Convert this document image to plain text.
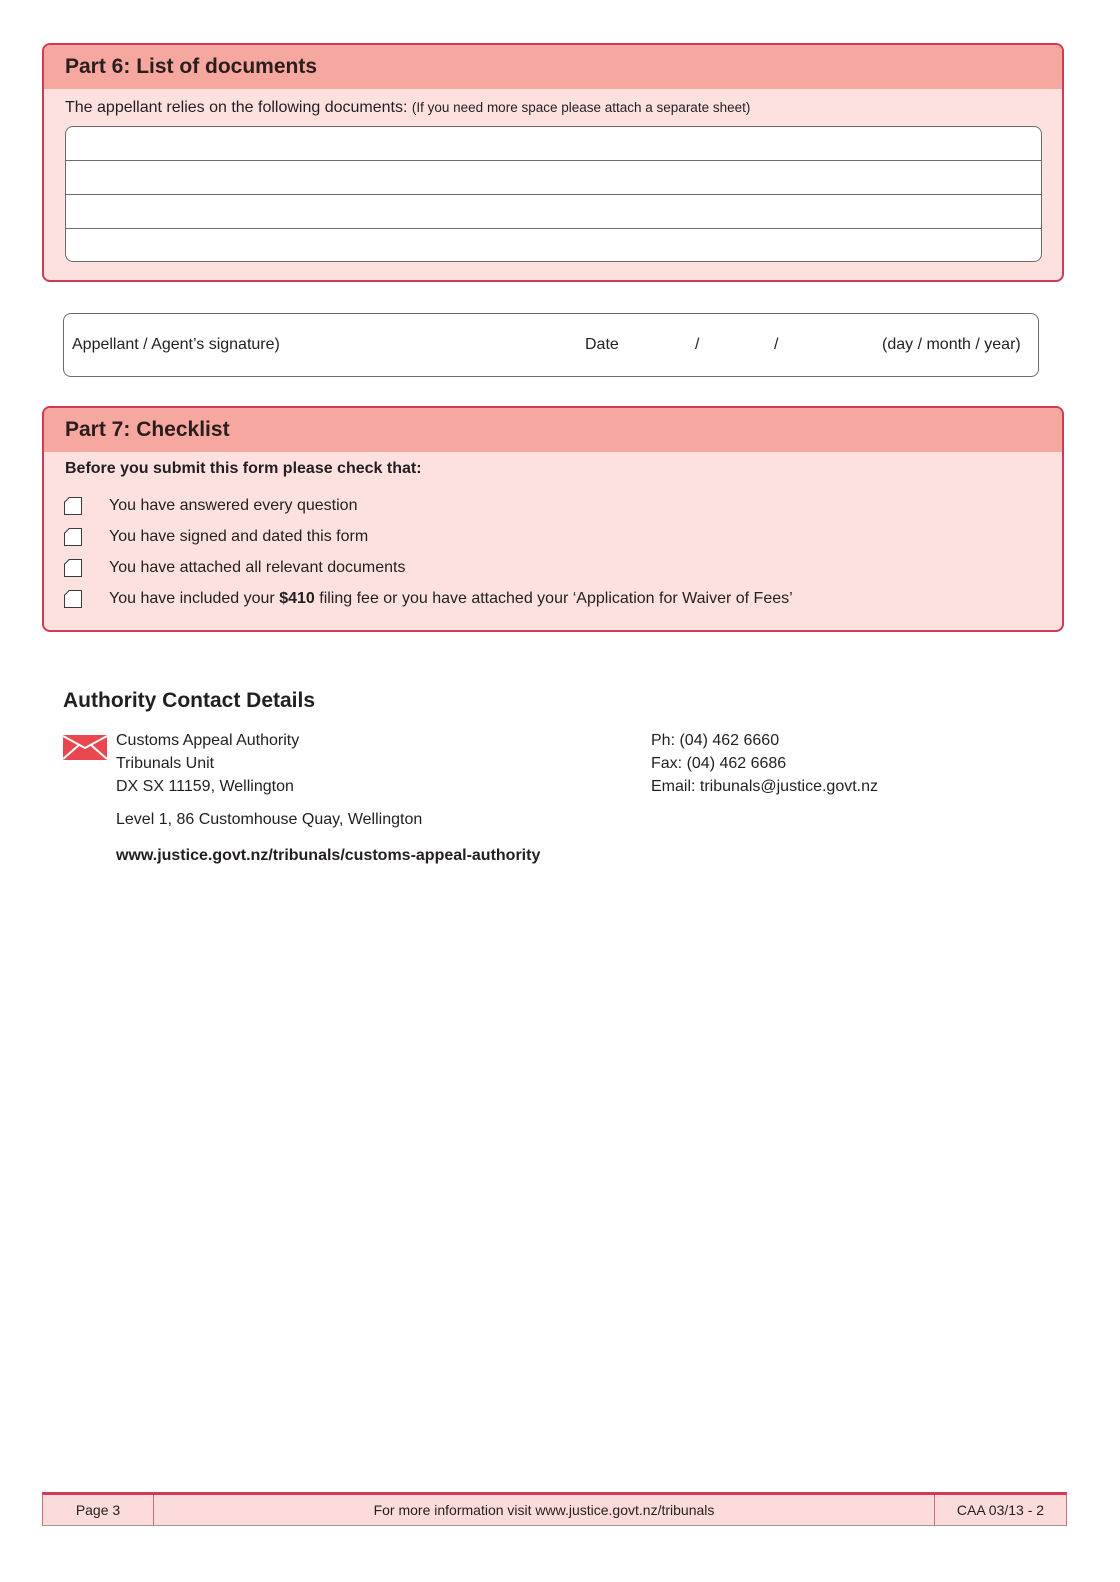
Part 6: List of documents
The appellant relies on the following documents: (If you need more space please attach a separate sheet)
Appellant / Agent’s signature)	Date	/	/	(day / month / year)
Part 7: Checklist
Before you submit this form please check that:
You have answered every question
You have signed and dated this form
You have attached all relevant documents
You have included your $410 filing fee or you have attached your ‘Application for Waiver of Fees’
Authority Contact Details
Customs Appeal Authority
Tribunals Unit
DX SX 11159, Wellington
Level 1, 86 Customhouse Quay, Wellington
www.justice.govt.nz/tribunals/customs-appeal-authority
Ph: (04) 462 6660
Fax: (04) 462 6686
Email: tribunals@justice.govt.nz
Page 3	For more information visit www.justice.govt.nz/tribunals	CAA 03/13 - 2
